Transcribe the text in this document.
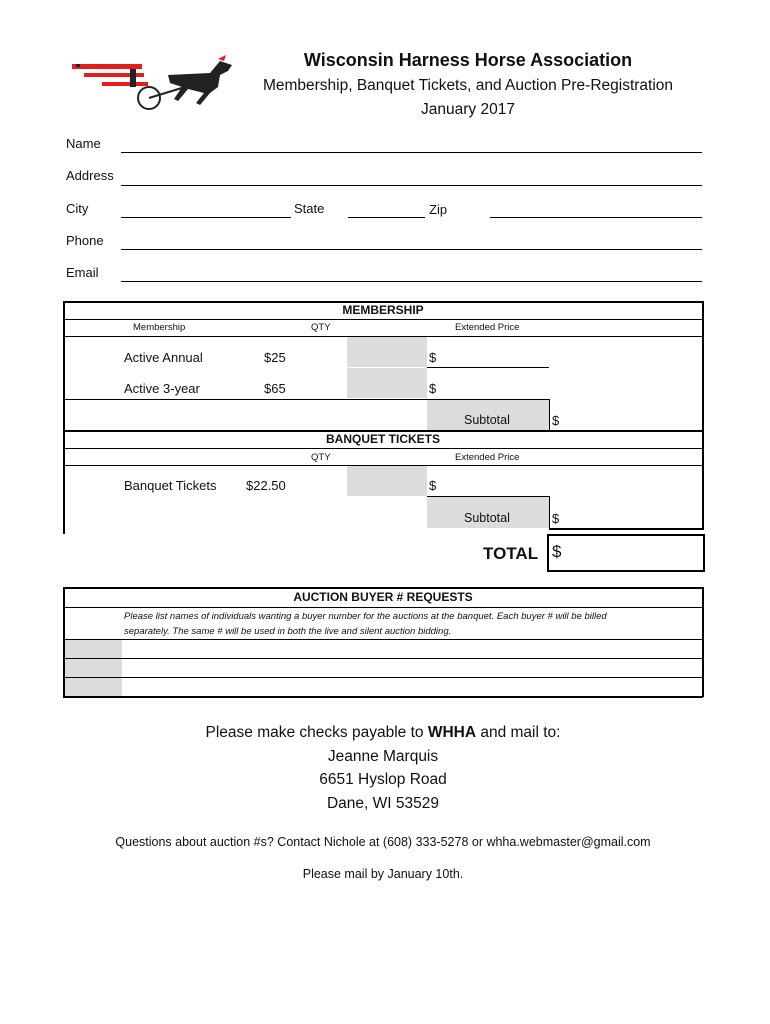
Wisconsin Harness Horse Association
Membership, Banquet Tickets, and Auction Pre-Registration
January 2017
Name
Address
City	State	Zip
Phone
Email
MEMBERSHIP
Membership	QTY	Extended Price
Active Annual	$25	$
Active 3-year	$65	$
Subtotal	$
BANQUET TICKETS
QTY	Extended Price
Banquet Tickets $22.50	$
Subtotal	$
TOTAL $
AUCTION BUYER # REQUESTS
Please list names of individuals wanting a buyer number for the auctions at the banquet. Each buyer # will be billed
separately. The same # will be used in both the live and silent auction bidding.
Please make checks payable to WHHA and mail to:
Jeanne Marquis
6651 Hyslop Road
Dane, WI 53529
Questions about auction #s? Contact Nichole at (608) 333-5278 or whha.webmaster@gmail.com
Please mail by January 10th.
